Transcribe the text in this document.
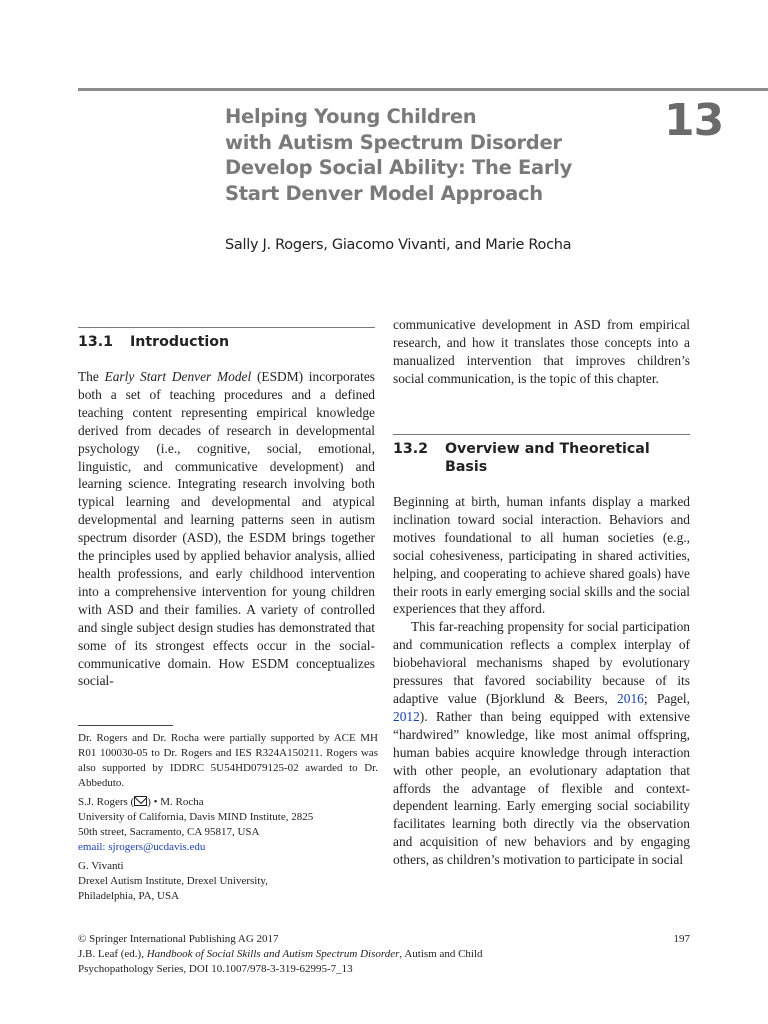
Helping Young Children
with Autism Spectrum Disorder
Develop Social Ability: The Early
Start Denver Model Approach
13
Sally J. Rogers, Giacomo Vivanti, and Marie Rocha
13.1 Introduction

The Early Start Denver Model (ESDM) incorporates both a set of teaching procedures and a defined teaching content representing empirical knowledge derived from decades of research in developmental psychology (i.e., cognitive, social, emotional, linguistic, and communicative development) and learning science. Integrating research involving both typical learning and developmental and atypical developmental and learning patterns seen in autism spectrum disorder (ASD), the ESDM brings together the principles used by applied behavior analysis, allied health professions, and early childhood intervention into a comprehensive intervention for young children with ASD and their families. A variety of controlled and single subject design studies has demonstrated that some of its strongest effects occur in the social-communicative domain. How ESDM conceptualizes social-

communicative development in ASD from empirical research, and how it translates those concepts into a manualized intervention that improves children’s social communication, is the topic of this chapter.

13.2 Overview and Theoretical Basis

Beginning at birth, human infants display a marked inclination toward social interaction. Behaviors and motives foundational to all human societies (e.g., social cohesiveness, participating in shared activities, helping, and cooperating to achieve shared goals) have their roots in early emerging social skills and the social experiences that they afford.

This far-reaching propensity for social participation and communication reflects a complex interplay of biobehavioral mechanisms shaped by evolutionary pressures that favored sociability because of its adaptive value (Bjorklund & Beers, 2016; Pagel, 2012). Rather than being equipped with extensive “hardwired” knowledge, like most animal offspring, human babies acquire knowledge through interaction with other people, an evolutionary adaptation that affords the advantage of flexible and context-dependent learning. Early emerging social sociability facilitates learning both directly via the observation and acquisition of new behaviors and by engaging others, as children’s motivation to participate in social

Dr. Rogers and Dr. Rocha were partially supported by ACE MH R01 100030-05 to Dr. Rogers and IES R324A150211. Rogers was also supported by IDDRC 5U54HD079125-02 awarded to Dr. Abbeduto.

S.J. Rogers ( ) • M. Rocha
University of California, Davis MIND Institute, 2825
50th street, Sacramento, CA 95817, USA
email: sjrogers@ucdavis.edu
G. Vivanti
Drexel Autism Institute, Drexel University,
Philadelphia, PA, USA
© Springer International Publishing AG 2017
J.B. Leaf (ed.), Handbook of Social Skills and Autism Spectrum Disorder, Autism and Child
Psychopathology Series, DOI 10.1007/978-3-319-62995-7_13
197
